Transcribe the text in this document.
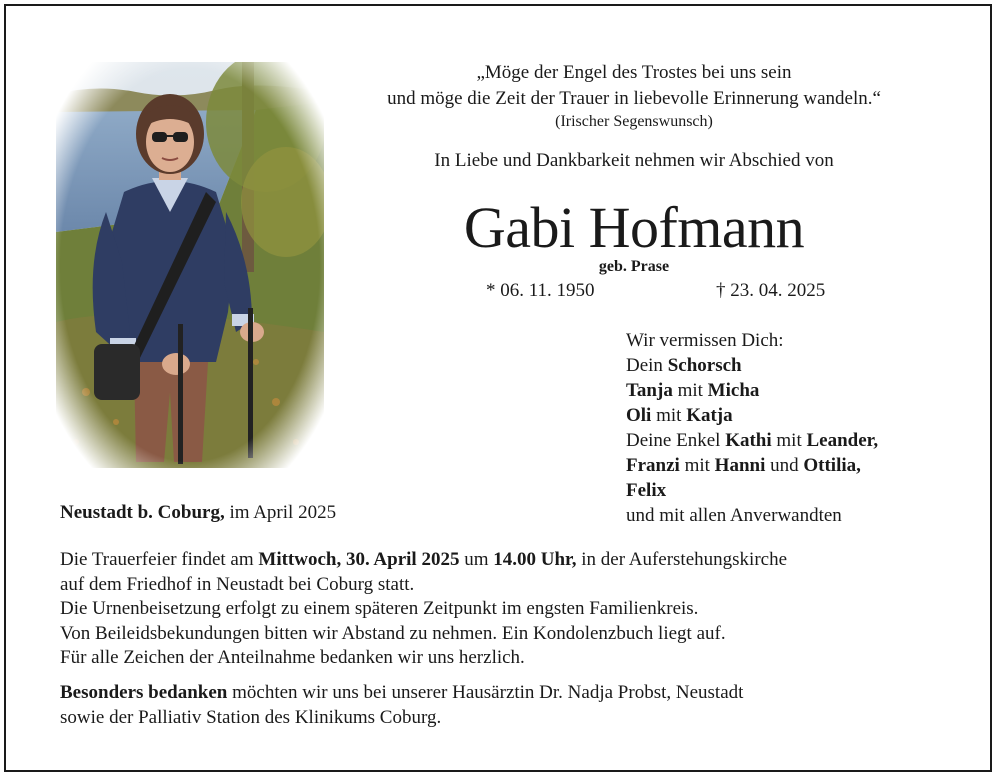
„Möge der Engel des Trostes bei uns sein
und möge die Zeit der Trauer in liebevolle Erinnerung wandeln.“
(Irischer Segenswunsch)
In Liebe und Dankbarkeit nehmen wir Abschied von
Gabi Hofmann
geb. Prase
* 06. 11. 1950	† 23. 04. 2025
Wir vermissen Dich:
Dein Schorsch
Tanja mit Micha
Oli mit Katja
Deine Enkel Kathi mit Leander,
Franzi mit Hanni und Ottilia,
Felix
und mit allen Anverwandten
Neustadt b. Coburg, im April 2025
Die Trauerfeier findet am Mittwoch, 30. April 2025 um 14.00 Uhr, in der Auferstehungskirche
auf dem Friedhof in Neustadt bei Coburg statt.
Die Urnenbeisetzung erfolgt zu einem späteren Zeitpunkt im engsten Familienkreis.
Von Beileidsbekundungen bitten wir Abstand zu nehmen. Ein Kondolenzbuch liegt auf.
Für alle Zeichen der Anteilnahme bedanken wir uns herzlich.
Besonders bedanken möchten wir uns bei unserer Hausärztin Dr. Nadja Probst, Neustadt
sowie der Palliativ Station des Klinikums Coburg.
